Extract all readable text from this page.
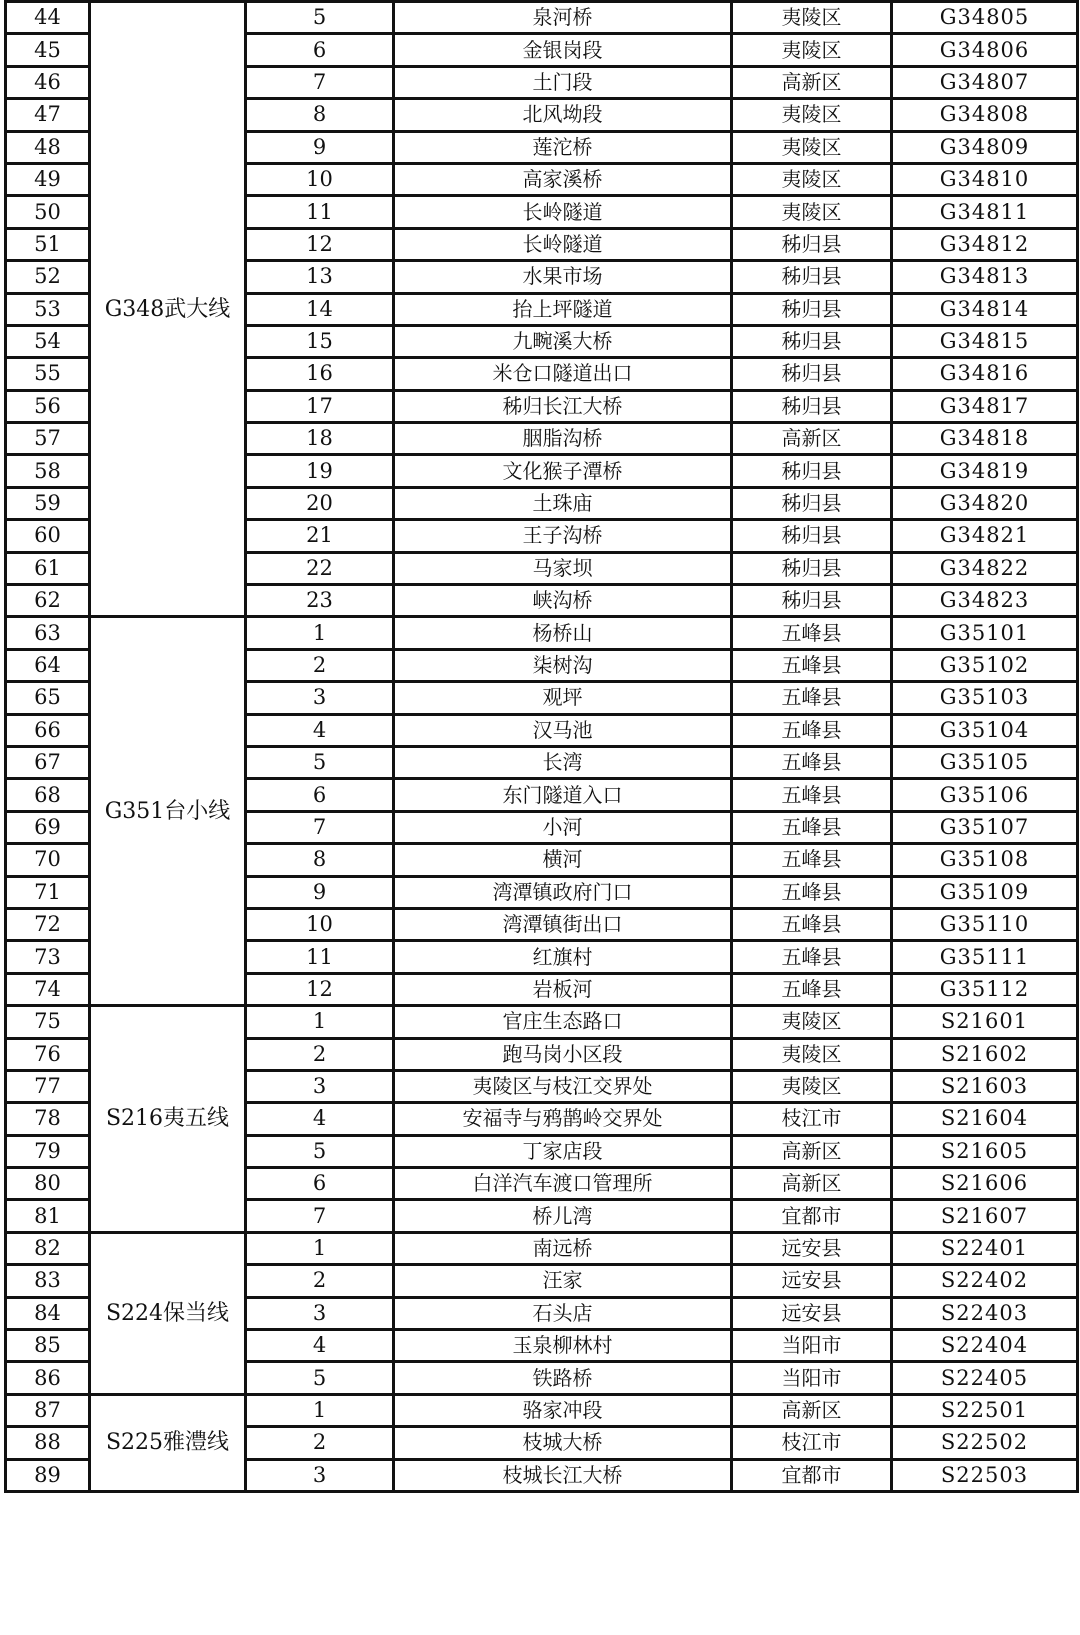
44	G348武大线	5	泉河桥	夷陵区	G34805
45		6	金银岗段	夷陵区	G34806
46		7	土门段	高新区	G34807
47		8	北风坳段	夷陵区	G34808
48		9	莲沱桥	夷陵区	G34809
49		10	高家溪桥	夷陵区	G34810
50		11	长岭隧道	夷陵区	G34811
51		12	长岭隧道	秭归县	G34812
52		13	水果市场	秭归县	G34813
53		14	抬上坪隧道	秭归县	G34814
54		15	九畹溪大桥	秭归县	G34815
55		16	米仓口隧道出口	秭归县	G34816
56		17	秭归长江大桥	秭归县	G34817
57		18	胭脂沟桥	高新区	G34818
58		19	文化猴子潭桥	秭归县	G34819
59		20	土珠庙	秭归县	G34820
60		21	王子沟桥	秭归县	G34821
61		22	马家坝	秭归县	G34822
62		23	峡沟桥	秭归县	G34823
63	G351台小线	1	杨桥山	五峰县	G35101
64		2	柒树沟	五峰县	G35102
65		3	观坪	五峰县	G35103
66		4	汉马池	五峰县	G35104
67		5	长湾	五峰县	G35105
68		6	东门隧道入口	五峰县	G35106
69		7	小河	五峰县	G35107
70		8	横河	五峰县	G35108
71		9	湾潭镇政府门口	五峰县	G35109
72		10	湾潭镇街出口	五峰县	G35110
73		11	红旗村	五峰县	G35111
74		12	岩板河	五峰县	G35112
75	S216夷五线	1	官庄生态路口	夷陵区	S21601
76		2	跑马岗小区段	夷陵区	S21602
77		3	夷陵区与枝江交界处	夷陵区	S21603
78		4	安福寺与鸦鹊岭交界处	枝江市	S21604
79		5	丁家店段	高新区	S21605
80		6	白洋汽车渡口管理所	高新区	S21606
81		7	桥儿湾	宜都市	S21607
82	S224保当线	1	南远桥	远安县	S22401
83		2	汪家	远安县	S22402
84		3	石头店	远安县	S22403
85		4	玉泉柳林村	当阳市	S22404
86		5	铁路桥	当阳市	S22405
87	S225雅澧线	1	骆家冲段	高新区	S22501
88		2	枝城大桥	枝江市	S22502
89		3	枝城长江大桥	宜都市	S22503
